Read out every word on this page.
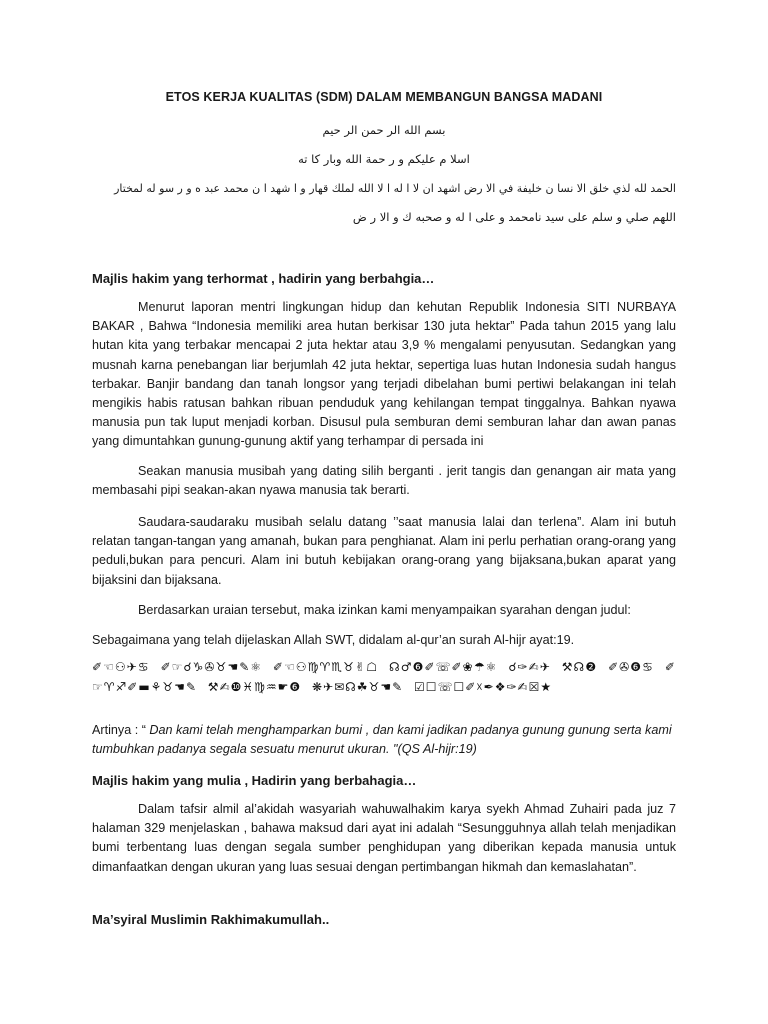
ETOS KERJA KUALITAS (SDM) DALAM MEMBANGUN BANGSA MADANI
بسم الله الر حمن الر حيم
اسلا م عليكم و ر حمة الله وبار كا ته
الحمد لله لذي خلق الا نسا ن خليفة في الا رض اشهد ان لا ا له ا لا الله لملك قهار و ا شهد ا ن محمد عبد ه و ر سو له لمختار
اللهم صلي و سلم على سيد نامحمد و على ا له و صحبه ك و الا ر ض
Majlis hakim yang terhormat , hadirin yang berbahgia…
Menurut laporan mentri lingkungan hidup dan kehutan Republik Indonesia SITI NURBAYA BAKAR , Bahwa “Indonesia memiliki area hutan berkisar 130 juta hektar” Pada tahun 2015 yang lalu hutan kita yang terbakar mencapai 2 juta hektar atau 3,9 % mengalami penyusutan. Sedangkan yang musnah karna penebangan liar berjumlah 42 juta hektar, sepertiga luas hutan Indonesia sudah hangus terbakar. Banjir bandang dan tanah longsor yang terjadi dibelahan bumi pertiwi belakangan ini telah mengikis habis ratusan bahkan ribuan penduduk yang kehilangan tempat tinggalnya. Bahkan nyawa manusia pun tak luput menjadi korban. Disusul pula semburan demi semburan lahar dan awan panas yang dimuntahkan gunung-gunung aktif yang terhampar di persada ini
Seakan manusia musibah yang dating silih berganti . jerit tangis dan genangan air mata yang membasahi pipi seakan-akan nyawa manusia tak berarti.
Saudara-saudaraku musibah selalu datang ’’saat manusia lalai dan terlena”. Alam ini butuh relatan tangan-tangan yang amanah, bukan para penghianat. Alam ini perlu perhatian orang-orang yang peduli,bukan para pencuri. Alam ini butuh kebijakan orang-orang yang bijaksana,bukan aparat yang bijaksini dan bijaksana.
Berdasarkan uraian tersebut, maka izinkan kami menyampaikan syarahan dengan judul:
Sebagaimana yang telah dijelaskan Allah SWT, didalam al-qur’an surah Al-hijr ayat:19.
✐☜⚇✈♋ ✐☞☌♑✇♉☚✎⚛ ✐☜⚇♍♈♏♉✌☖ ☊♂❻✐☏✐❀☂⚛ ☌✑✍✈ ⚒☊❷ ✐✇❻♋ ✐☞♈♐✐▬⚘♉☚✎ ⚒✍❿♓♍♒☛❻ ❋✈✉☊☘♉☚✎ ☑☐☏☐✐☓✒❖✑✍☒★
Artinya : “ Dan kami telah menghamparkan bumi , dan kami jadikan padanya gunung gunung serta kami tumbuhkan padanya segala sesuatu menurut ukuran. "(QS Al-hijr:19)
Majlis hakim yang mulia , Hadirin yang berbahagia…
Dalam tafsir almil al’akidah wasyariah wahuwalhakim karya syekh Ahmad Zuhairi pada juz 7 halaman 329 menjelaskan , bahawa maksud dari ayat ini adalah “Sesungguhnya allah telah menjadikan bumi terbentang luas dengan segala sumber penghidupan yang diberikan kepada manusia untuk dimanfaatkan dengan ukuran yang luas sesuai dengan pertimbangan hikmah dan kemaslahatan”.
Ma’syiral Muslimin Rakhimakumullah..
